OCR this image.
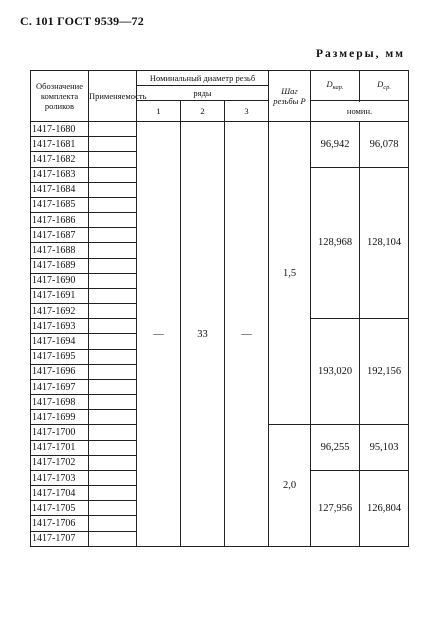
С. 101 ГОСТ 9539—72
Размеры, мм
Обозначение комплекта роликов	Применяемость	Номинальный диаметр резьб			Шаг резьбы P	$D_{кар.}$	$D_{ср.}$
		ряды					
		1	2	3			
						номин.	
1417-1680		—	33	—	1,5	96,942	96,078
1417-1681							
1417-1682							
1417-1683						128,968	128,104
1417-1684							
1417-1685							
1417-1686							
1417-1687							
1417-1688							
1417-1689							
1417-1690							
1417-1691							
1417-1692							
1417-1693						193,020	192,156
1417-1694							
1417-1695							
1417-1696							
1417-1697							
1417-1698							
1417-1699							
1417-1700					2,0	96,255	95,103
1417-1701							
1417-1702							
1417-1703						127,956	126,804
1417-1704							
1417-1705							
1417-1706							
1417-1707							
